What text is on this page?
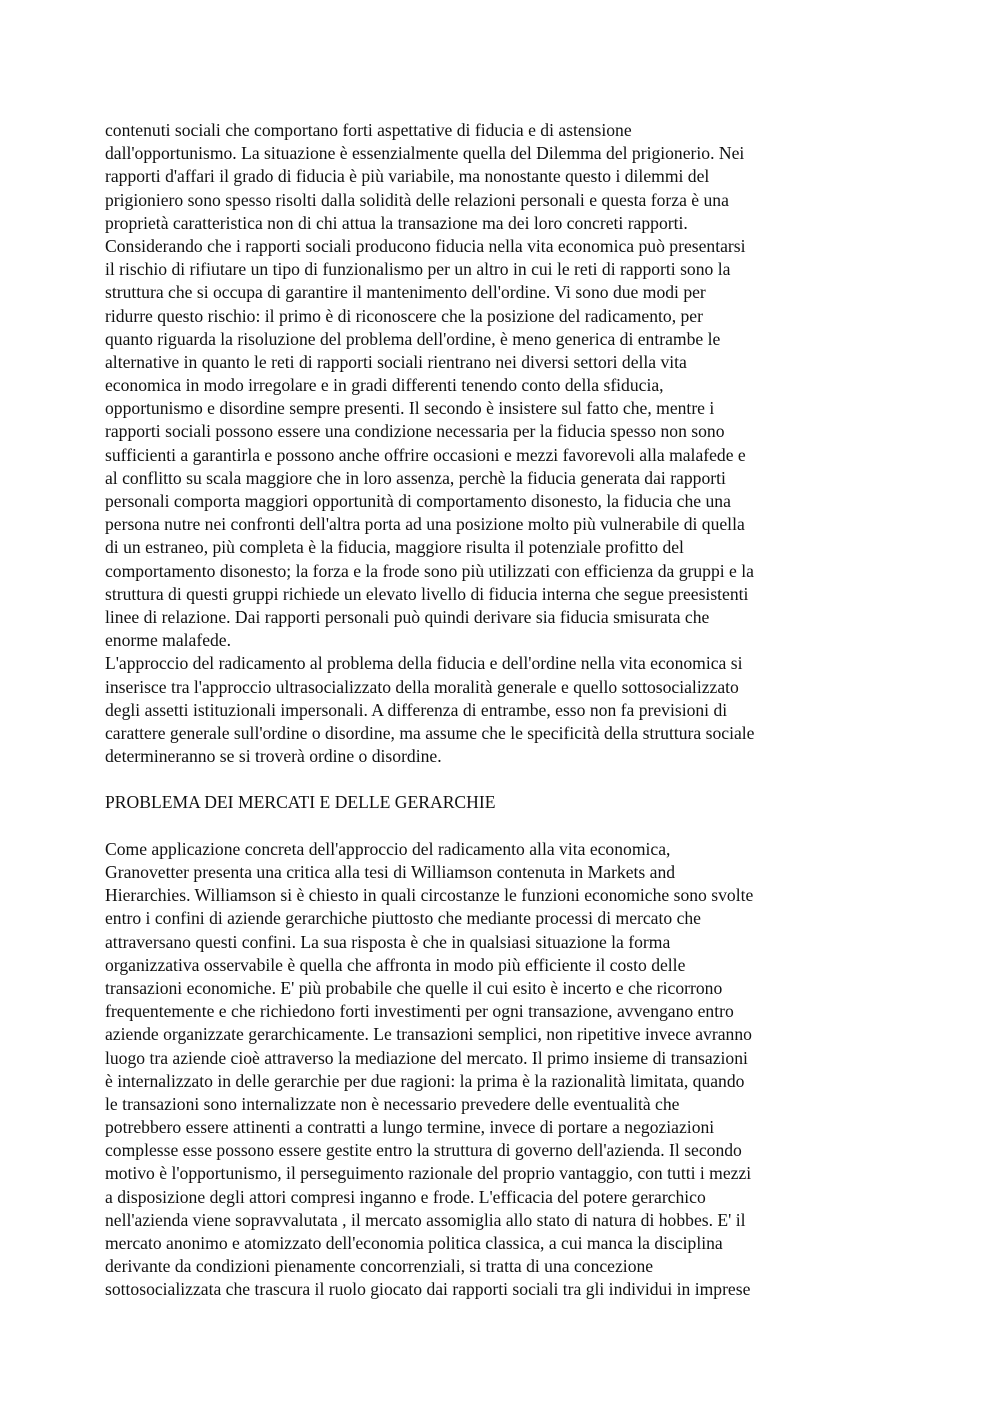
contenuti sociali che comportano forti aspettative di fiducia e di astensione
dall'opportunismo. La situazione è essenzialmente quella del Dilemma del prigionerio. Nei
rapporti d'affari il grado di fiducia è più variabile, ma nonostante questo i dilemmi del
prigioniero sono spesso risolti dalla solidità delle relazioni personali e questa forza è una
proprietà caratteristica non di chi attua la transazione ma dei loro concreti rapporti.
Considerando che i rapporti sociali producono fiducia nella vita economica può presentarsi
il rischio di rifiutare un tipo di funzionalismo per un altro in cui le reti di rapporti sono la
struttura che si occupa di garantire il mantenimento dell'ordine. Vi sono due modi per
ridurre questo rischio: il primo è di riconoscere che la posizione del radicamento, per
quanto riguarda la risoluzione del problema dell'ordine, è meno generica di entrambe le
alternative in quanto le reti di rapporti sociali rientrano nei diversi settori della vita
economica in modo irregolare e in gradi differenti tenendo conto della sfiducia,
opportunismo e disordine sempre presenti. Il secondo è insistere sul fatto che, mentre i
rapporti sociali possono essere una condizione necessaria per la fiducia spesso non sono
sufficienti a garantirla e possono anche offrire occasioni e mezzi favorevoli alla malafede e
al conflitto su scala maggiore che in loro assenza, perchè la fiducia generata dai rapporti
personali comporta maggiori opportunità di comportamento disonesto, la fiducia che una
persona nutre nei confronti dell'altra porta ad una posizione molto più vulnerabile di quella
di un estraneo, più completa è la fiducia, maggiore risulta il potenziale profitto del
comportamento disonesto; la forza e la frode sono più utilizzati con efficienza da gruppi e la
struttura di questi gruppi richiede un elevato livello di fiducia interna che segue preesistenti
linee di relazione. Dai rapporti personali può quindi derivare sia fiducia smisurata che
enorme malafede.
L'approccio del radicamento al problema della fiducia e dell'ordine nella vita economica si
inserisce tra l'approccio ultrasocializzato della moralità generale e quello sottosocializzato
degli assetti istituzionali impersonali. A differenza di entrambe, esso non fa previsioni di
carattere generale sull'ordine o disordine, ma assume che le specificità della struttura sociale
determineranno se si troverà ordine o disordine.
PROBLEMA DEI MERCATI E DELLE GERARCHIE
Come applicazione concreta dell'approccio del radicamento alla vita economica,
Granovetter presenta una critica alla tesi di Williamson contenuta in Markets and
Hierarchies. Williamson si è chiesto in quali circostanze le funzioni economiche sono svolte
entro i confini di aziende gerarchiche piuttosto che mediante processi di mercato che
attraversano questi confini. La sua risposta è che in qualsiasi situazione la forma
organizzativa osservabile è quella che affronta in modo più efficiente il costo delle
transazioni economiche. E' più probabile che quelle il cui esito è incerto e che ricorrono
frequentemente e che richiedono forti investimenti per ogni transazione, avvengano entro
aziende organizzate gerarchicamente. Le transazioni semplici, non ripetitive invece avranno
luogo tra aziende cioè attraverso la mediazione del mercato. Il primo insieme di transazioni
è internalizzato in delle gerarchie per due ragioni: la prima è la razionalità limitata, quando
le transazioni sono internalizzate non è necessario prevedere delle eventualità che
potrebbero essere attinenti a contratti a lungo termine, invece di portare a negoziazioni
complesse esse possono essere gestite entro la struttura di governo dell'azienda. Il secondo
motivo è l'opportunismo, il perseguimento razionale del proprio vantaggio, con tutti i mezzi
a disposizione degli attori compresi inganno e frode. L'efficacia del potere gerarchico
nell'azienda viene sopravvalutata , il mercato assomiglia allo stato di natura di hobbes. E' il
mercato anonimo e atomizzato dell'economia politica classica, a cui manca la disciplina
derivante da condizioni pienamente concorrenziali, si tratta di una concezione
sottosocializzata che trascura il ruolo giocato dai rapporti sociali tra gli individui in imprese
